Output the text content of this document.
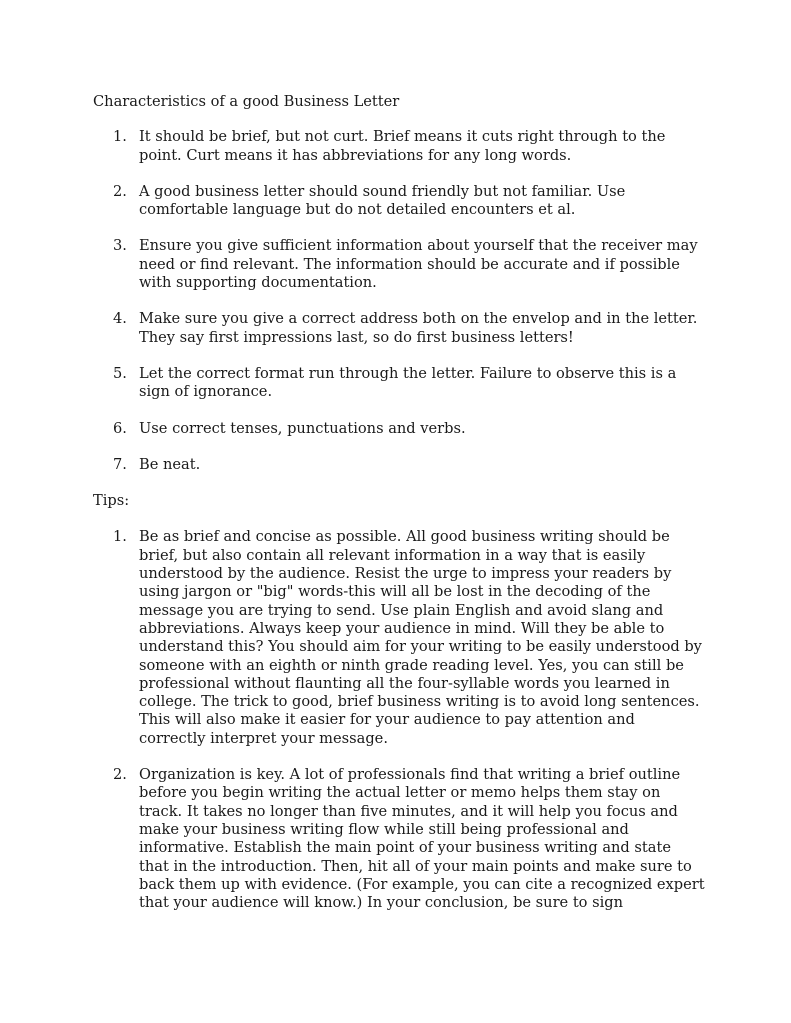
Characteristics of a good Business Letter

1. It should be brief, but not curt. Brief means it cuts right through to the point. Curt means it has abbreviations for any long words.
2. A good business letter should sound friendly but not familiar. Use comfortable language but do not detailed encounters et al.
3. Ensure you give sufficient information about yourself that the receiver may need or find relevant. The information should be accurate and if possible with supporting documentation.
4. Make sure you give a correct address both on the envelop and in the letter. They say first impressions last, so do first business letters!
5. Let the correct format run through the letter. Failure to observe this is a sign of ignorance.
6. Use correct tenses, punctuations and verbs.
7. Be neat.

Tips:

1. Be as brief and concise as possible. All good business writing should be brief, but also contain all relevant information in a way that is easily understood by the audience. Resist the urge to impress your readers by using jargon or "big" words-this will all be lost in the decoding of the message you are trying to send. Use plain English and avoid slang and abbreviations. Always keep your audience in mind. Will they be able to understand this? You should aim for your writing to be easily understood by someone with an eighth or ninth grade reading level. Yes, you can still be professional without flaunting all the four-syllable words you learned in college. The trick to good, brief business writing is to avoid long sentences. This will also make it easier for your audience to pay attention and correctly interpret your message.
2. Organization is key. A lot of professionals find that writing a brief outline before you begin writing the actual letter or memo helps them stay on track. It takes no longer than five minutes, and it will help you focus and make your business writing flow while still being professional and informative. Establish the main point of your business writing and state that in the introduction. Then, hit all of your main points and make sure to back them up with evidence. (For example, you can cite a recognized expert that your audience will know.) In your conclusion, be sure to sign
